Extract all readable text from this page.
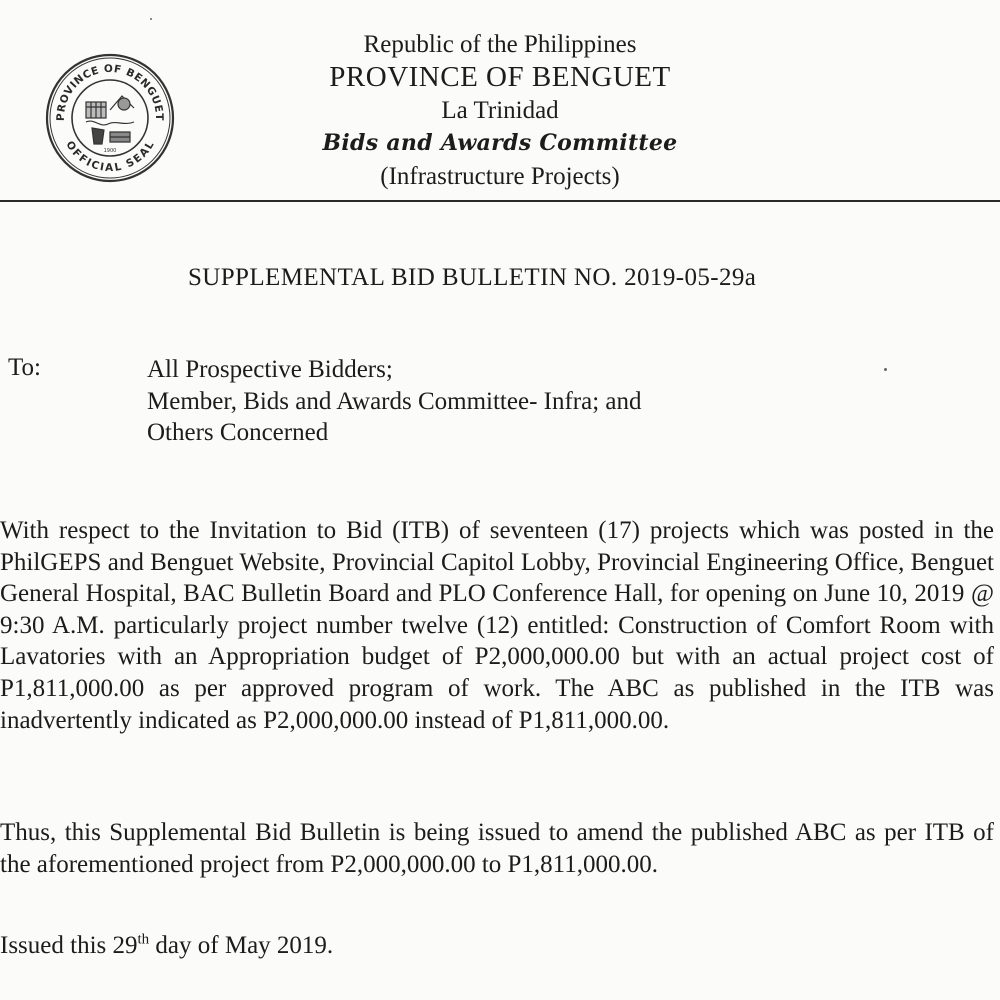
PROVINCE OF BENGUET
OFFICIAL SEAL
1900
Republic of the Philippines
PROVINCE OF BENGUET
La Trinidad
Bids and Awards Committee
(Infrastructure Projects)
SUPPLEMENTAL BID BULLETIN NO. 2019-05-29a
To:	All Prospective Bidders;
Member, Bids and Awards Committee- Infra; and
Others Concerned

With respect to the Invitation to Bid (ITB) of seventeen (17) projects which was posted in the PhilGEPS and Benguet Website, Provincial Capitol Lobby, Provincial Engineering Office, Benguet General Hospital, BAC Bulletin Board and PLO Conference Hall, for opening on June 10, 2019 @ 9:30 A.M. particularly project number twelve (12) entitled: Construction of Comfort Room with Lavatories with an Appropriation budget of P2,000,000.00 but with an actual project cost of P1,811,000.00 as per approved program of work. The ABC as published in the ITB was inadvertently indicated as P2,000,000.00 instead of P1,811,000.00.

Thus, this Supplemental Bid Bulletin is being issued to amend the published ABC as per ITB of the aforementioned project from P2,000,000.00 to P1,811,000.00.

Issued this 29th day of May 2019.
